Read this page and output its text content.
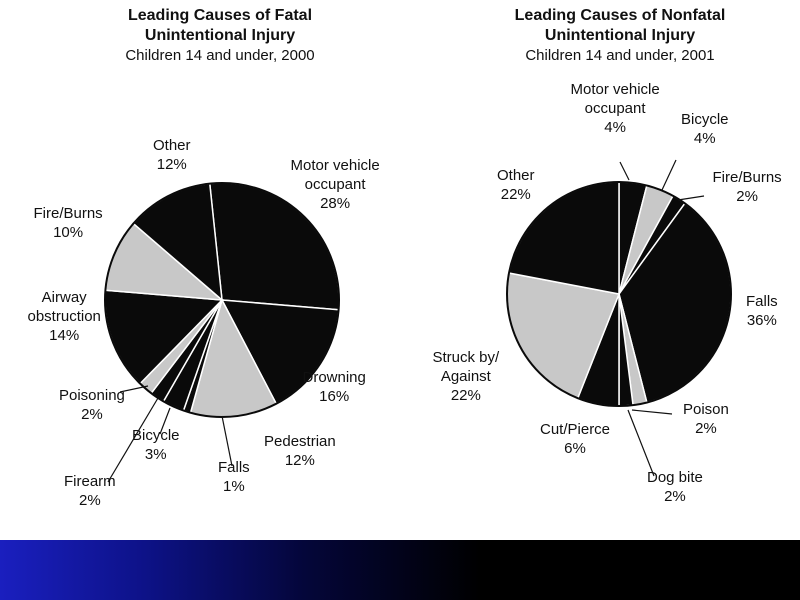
Leading Causes of Fatal
Unintentional Injury
Children 14 and under, 2000
Leading Causes of Nonfatal
Unintentional Injury
Children 14 and under, 2001
Motor vehicle
occupant
28%
Drowning
16%
Pedestrian
12%
Falls
1%
Bicycle
3%
Firearm
2%
Poisoning
2%
Airway
obstruction
14%
Fire/Burns
10%
Other
12%
Motor vehicle
occupant
4%	Bicycle
4%
Fire/Burns
2%
Falls
36%
Poison
2%
Dog bite
2%
Cut/Pierce
6%
Struck by/
Against
22%
Other
22%
